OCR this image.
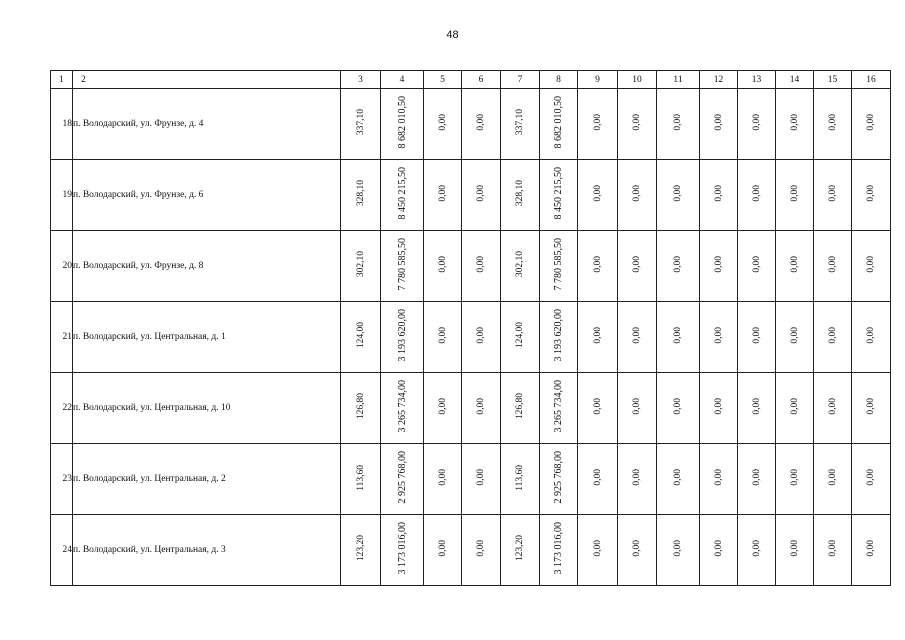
48
1	2	3	4	5	6	7	8	9	10	11	12	13	14	15	16
18	п. Володарский, ул. Фрунзе, д. 4	337,10	8 682 010,50	0,00	0,00	337,10	8 682 010,50	0,00	0,00	0,00	0,00	0,00	0,00	0,00	0,00
19	п. Володарский, ул. Фрунзе, д. 6	328,10	8 450 215,50	0,00	0,00	328,10	8 450 215,50	0,00	0,00	0,00	0,00	0,00	0,00	0,00	0,00
20	п. Володарский, ул. Фрунзе, д. 8	302,10	7 780 585,50	0,00	0,00	302,10	7 780 585,50	0,00	0,00	0,00	0,00	0,00	0,00	0,00	0,00
21	п. Володарский, ул. Центральная, д. 1	124,00	3 193 620,00	0,00	0,00	124,00	3 193 620,00	0,00	0,00	0,00	0,00	0,00	0,00	0,00	0,00
22	п. Володарский, ул. Центральная, д. 10	126,80	3 265 734,00	0,00	0,00	126,80	3 265 734,00	0,00	0,00	0,00	0,00	0,00	0,00	0,00	0,00
23	п. Володарский, ул. Центральная, д. 2	113,60	2 925 768,00	0,00	0,00	113,60	2 925 768,00	0,00	0,00	0,00	0,00	0,00	0,00	0,00	0,00
24	п. Володарский, ул. Центральная, д. 3	123,20	3 173 016,00	0,00	0,00	123,20	3 173 016,00	0,00	0,00	0,00	0,00	0,00	0,00	0,00	0,00
